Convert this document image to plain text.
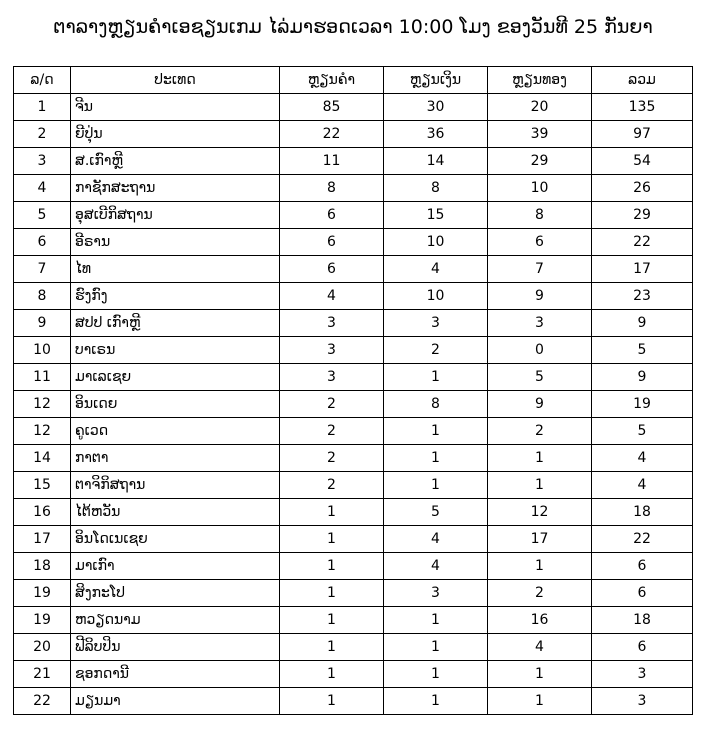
ຕາລາງຫຼຽນຄໍາເອຊຽນເກມ ໄລ່ມາຮອດເວລາ 10:00 ໂມງ ຂອງວັນທີ 25 ກັນຍາ
ລ/ດ	ປະເທດ	ຫຼຽນຄໍາ	ຫຼຽນເງິນ	ຫຼຽນທອງ	ລວມ
1	ຈີນ	85	30	20	135
2	ຍີປຸ່ນ	22	36	39	97
3	ສ.ເກົາຫຼີ	11	14	29	54
4	ກາຊັກສະຖານ	8	8	10	26
5	ອຸສເບີກິສຖານ	6	15	8	29
6	ອີຣານ	6	10	6	22
7	ໄທ	6	4	7	17
8	ຮົງກົງ	4	10	9	23
9	ສປປ ເກົາຫຼີ	3	3	3	9
10	ບາເຣນ	3	2	0	5
11	ມາເລເຊຍ	3	1	5	9
12	ອິນເດຍ	2	8	9	19
12	ຄູເວດ	2	1	2	5
14	ກາຕາ	2	1	1	4
15	ຕາຈິກິສຖານ	2	1	1	4
16	ໄຕ້ຫວັນ	1	5	12	18
17	ອິນໂດເນເຊຍ	1	4	17	22
18	ມາເກົາ	1	4	1	6
19	ສິງກະໂປ	1	3	2	6
19	ຫວຽດນາມ	1	1	16	18
20	ຟີລິບປິນ	1	1	4	6
21	ຊອກດານີ	1	1	1	3
22	ມຽນມາ	1	1	1	3
